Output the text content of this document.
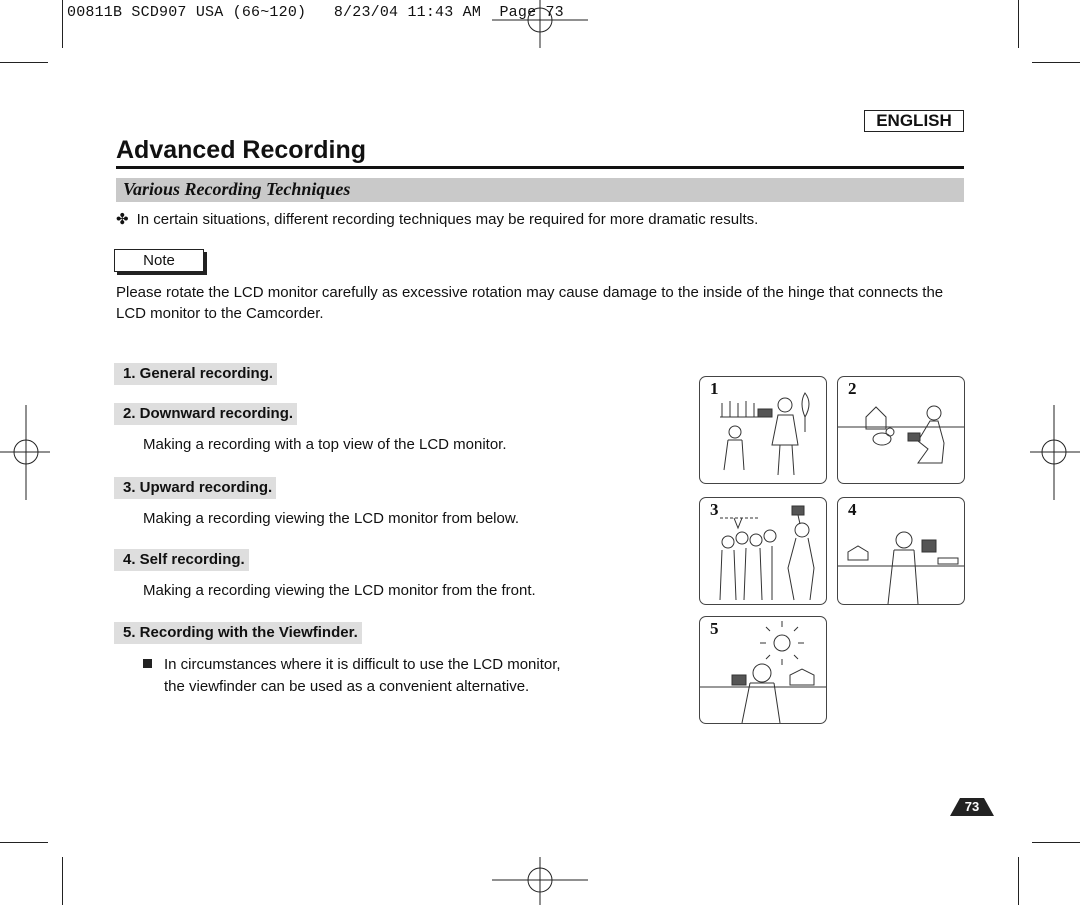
00811B SCD907 USA (66~120)   8/23/04 11:43 AM  Page 73
ENGLISH
Advanced Recording
Various Recording Techniques
✤ In certain situations, different recording techniques may be required for more dramatic results.
Note
Please rotate the LCD monitor carefully as excessive rotation may cause damage to the inside of the hinge that connects the LCD monitor to the Camcorder.
1. General recording.
2. Downward recording.
Making a recording with a top view of the LCD monitor.
3. Upward recording.
Making a recording viewing the LCD monitor from below.
4. Self recording.
Making a recording viewing the LCD monitor from the front.
5. Recording with the Viewfinder.
In circumstances where it is difficult to use the LCD monitor,
the viewfinder can be used as a convenient alternative.
1	2
3	4
5
73
